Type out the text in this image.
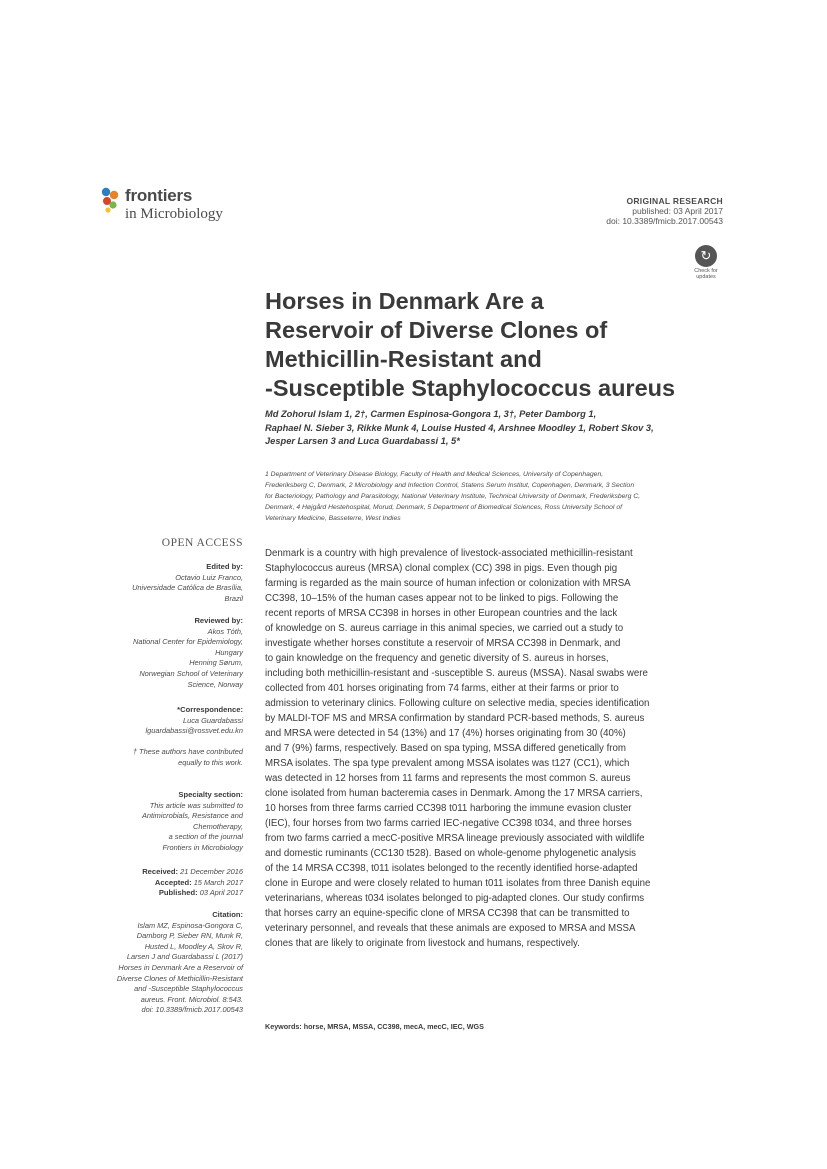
frontiers
in Microbiology
ORIGINAL RESEARCH
published: 03 April 2017
doi: 10.3389/fmicb.2017.00543
↻
Check for updates
Horses in Denmark Are a
Reservoir of Diverse Clones of
Methicillin-Resistant and
-Susceptible Staphylococcus aureus
Md Zohorul Islam 1, 2†, Carmen Espinosa-Gongora 1, 3†, Peter Damborg 1,
Raphael N. Sieber 3, Rikke Munk 4, Louise Husted 4, Arshnee Moodley 1, Robert Skov 3,
Jesper Larsen 3 and Luca Guardabassi 1, 5*
1 Department of Veterinary Disease Biology, Faculty of Health and Medical Sciences, University of Copenhagen,
Frederiksberg C, Denmark, 2 Microbiology and Infection Control, Statens Serum Institut, Copenhagen, Denmark, 3 Section
for Bacteriology, Pathology and Parasitology, National Veterinary Institute, Technical University of Denmark, Frederiksberg C,
Denmark, 4 Højgård Hestehospital, Morud, Denmark, 5 Department of Biomedical Sciences, Ross University School of
Veterinary Medicine, Basseterre, West Indies
OPEN ACCESS
Edited by:
Octavio Luiz Franco,
Universidade Católica de Brasília,
Brazil
Reviewed by:
Akos Tóth,
National Center for Epidemiology,
Hungary
Henning Sørum,
Norwegian School of Veterinary
Science, Norway
*Correspondence:
Luca Guardabassi
lguardabassi@rossvet.edu.kn
† These authors have contributed
equally to this work.
Specialty section:
This article was submitted to
Antimicrobials, Resistance and
Chemotherapy,
a section of the journal
Frontiers in Microbiology
Received: 21 December 2016
Accepted: 15 March 2017
Published: 03 April 2017
Citation:
Islam MZ, Espinosa-Gongora C,
Damborg P, Sieber RN, Munk R,
Husted L, Moodley A, Skov R,
Larsen J and Guardabassi L (2017)
Horses in Denmark Are a Reservoir of
Diverse Clones of Methicillin-Resistant
and -Susceptible Staphylococcus
aureus. Front. Microbiol. 8:543.
doi: 10.3389/fmicb.2017.00543
Denmark is a country with high prevalence of livestock-associated methicillin-resistant
Staphylococcus aureus (MRSA) clonal complex (CC) 398 in pigs. Even though pig
farming is regarded as the main source of human infection or colonization with MRSA
CC398, 10–15% of the human cases appear not to be linked to pigs. Following the
recent reports of MRSA CC398 in horses in other European countries and the lack
of knowledge on S. aureus carriage in this animal species, we carried out a study to
investigate whether horses constitute a reservoir of MRSA CC398 in Denmark, and
to gain knowledge on the frequency and genetic diversity of S. aureus in horses,
including both methicillin-resistant and -susceptible S. aureus (MSSA). Nasal swabs were
collected from 401 horses originating from 74 farms, either at their farms or prior to
admission to veterinary clinics. Following culture on selective media, species identification
by MALDI-TOF MS and MRSA confirmation by standard PCR-based methods, S. aureus
and MRSA were detected in 54 (13%) and 17 (4%) horses originating from 30 (40%)
and 7 (9%) farms, respectively. Based on spa typing, MSSA differed genetically from
MRSA isolates. The spa type prevalent among MSSA isolates was t127 (CC1), which
was detected in 12 horses from 11 farms and represents the most common S. aureus
clone isolated from human bacteremia cases in Denmark. Among the 17 MRSA carriers,
10 horses from three farms carried CC398 t011 harboring the immune evasion cluster
(IEC), four horses from two farms carried IEC-negative CC398 t034, and three horses
from two farms carried a mecC-positive MRSA lineage previously associated with wildlife
and domestic ruminants (CC130 t528). Based on whole-genome phylogenetic analysis
of the 14 MRSA CC398, t011 isolates belonged to the recently identified horse-adapted
clone in Europe and were closely related to human t011 isolates from three Danish equine
veterinarians, whereas t034 isolates belonged to pig-adapted clones. Our study confirms
that horses carry an equine-specific clone of MRSA CC398 that can be transmitted to
veterinary personnel, and reveals that these animals are exposed to MRSA and MSSA
clones that are likely to originate from livestock and humans, respectively.
Keywords: horse, MRSA, MSSA, CC398, mecA, mecC, IEC, WGS
